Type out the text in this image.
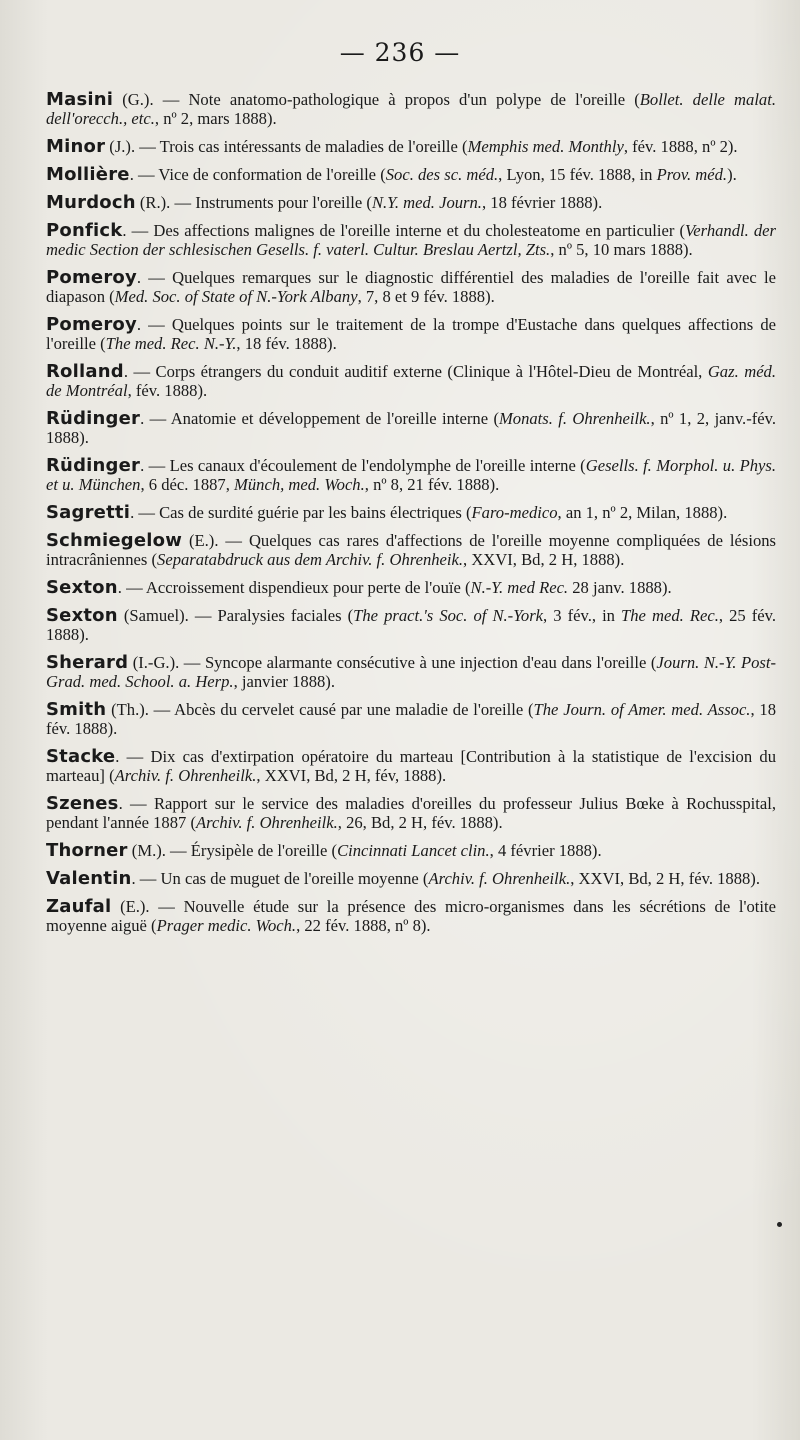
— 236 —

Masini (G.). — Note anatomo-pathologique à propos d'un polype de l'oreille (Bollet. delle malat. dell'orecch., etc., nº 2, mars 1888).

Minor (J.). — Trois cas intéressants de maladies de l'oreille (Memphis med. Monthly, fév. 1888, nº 2).

Mollière. — Vice de conformation de l'oreille (Soc. des sc. méd., Lyon, 15 fév. 1888, in Prov. méd.).

Murdoch (R.). — Instruments pour l'oreille (N.Y. med. Journ., 18 février 1888).

Ponfick. — Des affections malignes de l'oreille interne et du cholesteatome en particulier (Verhandl. der medic Section der schlesischen Gesells. f. vaterl. Cultur. Breslau Aertzl, Zts., nº 5, 10 mars 1888).

Pomeroy. — Quelques remarques sur le diagnostic différentiel des maladies de l'oreille fait avec le diapason (Med. Soc. of State of N.-York Albany, 7, 8 et 9 fév. 1888).

Pomeroy. — Quelques points sur le traitement de la trompe d'Eustache dans quelques affections de l'oreille (The med. Rec. N.-Y., 18 fév. 1888).

Rolland. — Corps étrangers du conduit auditif externe (Clinique à l'Hôtel-Dieu de Montréal, Gaz. méd. de Montréal, fév. 1888).

Rüdinger. — Anatomie et développement de l'oreille interne (Monats. f. Ohrenheilk., nº 1, 2, janv.-fév. 1888).

Rüdinger. — Les canaux d'écoulement de l'endolymphe de l'oreille interne (Gesells. f. Morphol. u. Phys. et u. München, 6 déc. 1887, Münch, med. Woch., nº 8, 21 fév. 1888).

Sagretti. — Cas de surdité guérie par les bains électriques (Faro-medico, an 1, nº 2, Milan, 1888).

Schmiegelow (E.). — Quelques cas rares d'affections de l'oreille moyenne compliquées de lésions intracrâniennes (Separatabdruck aus dem Archiv. f. Ohrenheik., XXVI, Bd, 2 H, 1888).

Sexton. — Accroissement dispendieux pour perte de l'ouïe (N.-Y. med Rec. 28 janv. 1888).

Sexton (Samuel). — Paralysies faciales (The pract.'s Soc. of N.-York, 3 fév., in The med. Rec., 25 fév. 1888).

Sherard (I.-G.). — Syncope alarmante consécutive à une injection d'eau dans l'oreille (Journ. N.-Y. Post-Grad. med. School. a. Herp., janvier 1888).

Smith (Th.). — Abcès du cervelet causé par une maladie de l'oreille (The Journ. of Amer. med. Assoc., 18 fév. 1888).

Stacke. — Dix cas d'extirpation opératoire du marteau [Contribution à la statistique de l'excision du marteau] (Archiv. f. Ohrenheilk., XXVI, Bd, 2 H, fév, 1888).

Szenes. — Rapport sur le service des maladies d'oreilles du professeur Julius Bœke à Rochusspital, pendant l'année 1887 (Archiv. f. Ohrenheilk., 26, Bd, 2 H, fév. 1888).

Thorner (M.). — Érysipèle de l'oreille (Cincinnati Lancet clin., 4 février 1888).

Valentin. — Un cas de muguet de l'oreille moyenne (Archiv. f. Ohrenheilk., XXVI, Bd, 2 H, fév. 1888).

Zaufal (E.). — Nouvelle étude sur la présence des micro-organismes dans les sécrétions de l'otite moyenne aiguë (Prager medic. Woch., 22 fév. 1888, nº 8).
